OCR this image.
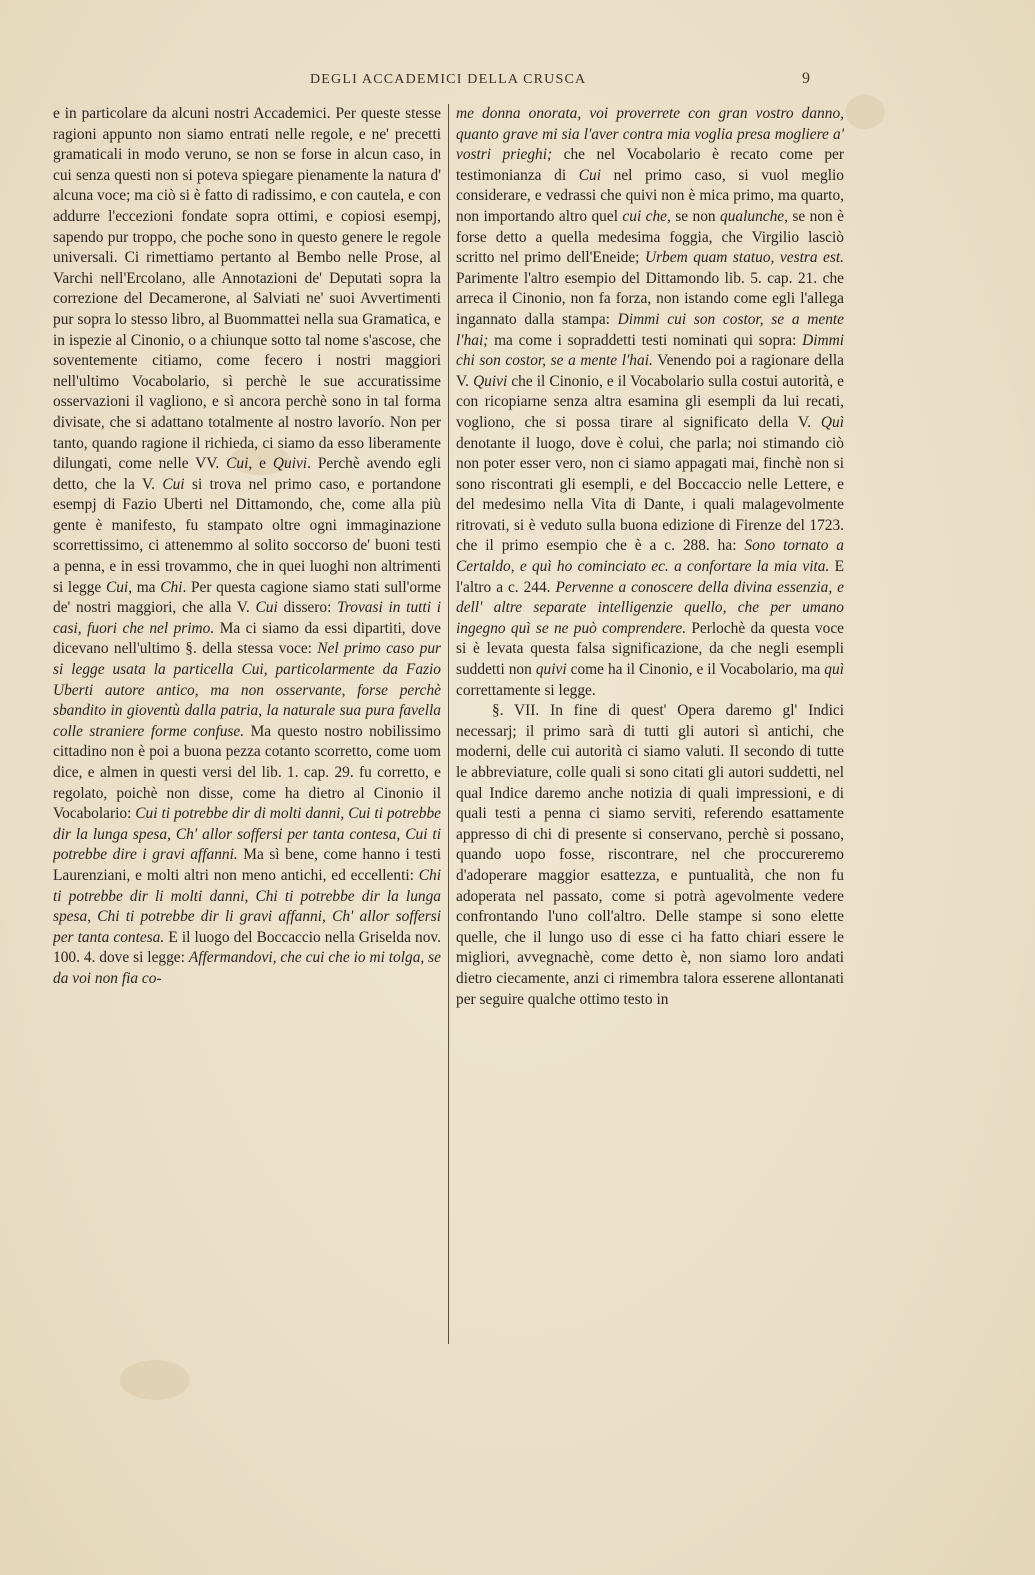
DEGLI ACCADEMICI DELLA CRUSCA	9

e in particolare da alcuni nostri Accademici. Per queste stesse ragioni appunto non siamo entrati nelle regole, e ne' precetti gramaticali in modo veruno, se non se forse in alcun caso, in cui senza questi non si poteva spiegare pienamente la natura d' alcuna voce; ma ciò si è fatto di radissimo, e con cautela, e con addurre l'eccezioni fondate sopra ottimi, e copiosi esempj, sapendo pur troppo, che poche sono in questo genere le regole universali. Ci rimettiamo pertanto al Bembo nelle Prose, al Varchi nell'Ercolano, alle Annotazioni de' Deputati sopra la correzione del Decamerone, al Salviati ne' suoi Avvertimenti pur sopra lo stesso libro, al Buommattei nella sua Gramatica, e in ispezie al Cinonio, o a chiunque sotto tal nome s'ascose, che soventemente citiamo, come fecero i nostri maggiori nell'ultimo Vocabolario, sì perchè le sue accuratissime osservazioni il vagliono, e sì ancora perchè sono in tal forma divisate, che si adattano totalmente al nostro lavorío. Non per tanto, quando ragione il richieda, ci siamo da esso liberamente dilungati, come nelle VV. Cui, e Quivi. Perchè avendo egli detto, che la V. Cui si trova nel primo caso, e portandone esempj di Fazio Uberti nel Dittamondo, che, come alla più gente è manifesto, fu stampato oltre ogni immaginazione scorrettissimo, ci attenemmo al solito soccorso de' buoni testi a penna, e in essi trovammo, che in quei luoghi non altrimenti si legge Cui, ma Chi. Per questa cagione siamo stati sull'orme de' nostri maggiori, che alla V. Cui dissero: Trovasi in tutti i casi, fuori che nel primo. Ma ci siamo da essi dipartiti, dove dicevano nell'ultimo §. della stessa voce: Nel primo caso pur si legge usata la particella Cui, particolarmente da Fazio Uberti autore antico, ma non osservante, forse perchè sbandito in gioventù dalla patria, la naturale sua pura favella colle straniere forme confuse. Ma questo nostro nobilissimo cittadino non è poi a buona pezza cotanto scorretto, come uom dice, e almen in questi versi del lib. 1. cap. 29. fu corretto, e regolato, poichè non disse, come ha dietro al Cinonio il Vocabolario: Cui ti potrebbe dir di molti danni, Cui ti potrebbe dir la lunga spesa, Ch' allor soffersi per tanta contesa, Cui ti potrebbe dire i gravi affanni. Ma sì bene, come hanno i testi Laurenziani, e molti altri non meno antichi, ed eccellenti: Chi ti potrebbe dir li molti danni, Chi ti potrebbe dir la lunga spesa, Chi ti potrebbe dir li gravi affanni, Ch' allor soffersi per tanta contesa. E il luogo del Boccaccio nella Griselda nov. 100. 4. dove si legge: Affermandovi, che cui che io mi tolga, se da voi non fia co-

me donna onorata, voi proverrete con gran vostro danno, quanto grave mi sia l'aver contra mia voglia presa mogliere a' vostri prieghi; che nel Vocabolario è recato come per testimonianza di Cui nel primo caso, si vuol meglio considerare, e vedrassi che quivi non è mica primo, ma quarto, non importando altro quel cui che, se non qualunche, se non è forse detto a quella medesima foggia, che Virgilio lasciò scritto nel primo dell'Eneide; Urbem quam statuo, vestra est. Parimente l'altro esempio del Dittamondo lib. 5. cap. 21. che arreca il Cinonio, non fa forza, non istando come egli l'allega ingannato dalla stampa: Dimmi cui son costor, se a mente l'hai; ma come i sopraddetti testi nominati qui sopra: Dimmi chi son costor, se a mente l'hai. Venendo poi a ragionare della V. Quivi che il Cinonio, e il Vocabolario sulla costui autorità, e con ricopiarne senza altra esamina gli esempli da lui recati, vogliono, che si possa tirare al significato della V. Quì denotante il luogo, dove è colui, che parla; noi stimando ciò non poter esser vero, non ci siamo appagati mai, finchè non si sono riscontrati gli esempli, e del Boccaccio nelle Lettere, e del medesimo nella Vita di Dante, i quali malagevolmente ritrovati, si è veduto sulla buona edizione di Firenze del 1723. che il primo esempio che è a c. 288. ha: Sono tornato a Certaldo, e quì ho cominciato ec. a confortare la mia vita. E l'altro a c. 244. Pervenne a conoscere della divina essenzia, e dell' altre separate intelligenzie quello, che per umano ingegno quì se ne può comprendere. Perlochè da questa voce si è levata questa falsa significazione, da che negli esempli suddetti non quivi come ha il Cinonio, e il Vocabolario, ma quì correttamente si legge.

§. VII. In fine di quest' Opera daremo gl' Indici necessarj; il primo sarà di tutti gli autori sì antichi, che moderni, delle cui autorità ci siamo valuti. Il secondo di tutte le abbreviature, colle quali si sono citati gli autori suddetti, nel qual Indice daremo anche notizia di quali impressioni, e di quali testi a penna ci siamo serviti, referendo esattamente appresso di chi di presente si conservano, perchè si possano, quando uopo fosse, riscontrare, nel che proccureremo d'adoperare maggior esattezza, e puntualità, che non fu adoperata nel passato, come si potrà agevolmente vedere confrontando l'uno coll'altro. Delle stampe si sono elette quelle, che il lungo uso di esse ci ha fatto chiari essere le migliori, avvegnachè, come detto è, non siamo loro andati dietro ciecamente, anzi ci rimembra talora esserene allontanati per seguire qualche ottimo testo in
